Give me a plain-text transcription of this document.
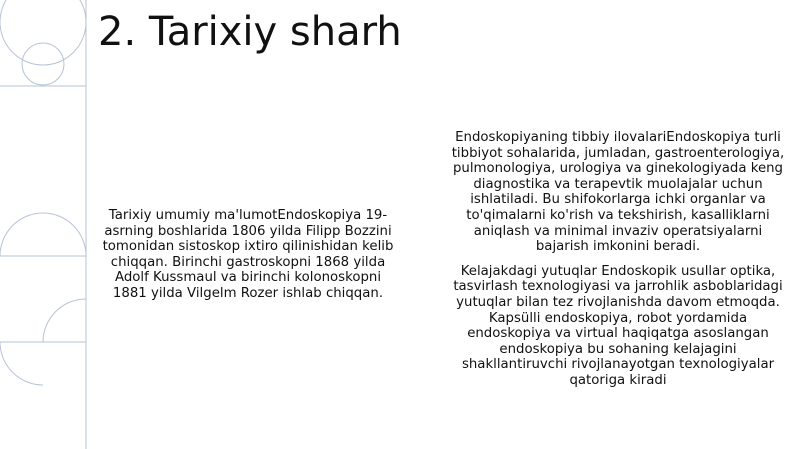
2. Tarixiy sharh

Tarixiy umumiy ma'lumotEndoskopiya 19-asrning boshlarida 1806 yilda Filipp Bozzini tomonidan sistoskop ixtiro qilinishidan kelib chiqqan. Birinchi gastroskopni 1868 yilda Adolf Kussmaul va birinchi kolonoskopni 1881 yilda Vilgelm Rozer ishlab chiqqan.

Endoskopiyaning tibbiy ilovalariEndoskopiya turli tibbiyot sohalarida, jumladan, gastroenterologiya, pulmonologiya, urologiya va ginekologiyada keng diagnostika va terapevtik muolajalar uchun ishlatiladi. Bu shifokorlarga ichki organlar va to'qimalarni ko'rish va tekshirish, kasalliklarni aniqlash va minimal invaziv operatsiyalarni bajarish imkonini beradi.

Kelajakdagi yutuqlar Endoskopik usullar optika, tasvirlash texnologiyasi va jarrohlik asboblaridagi yutuqlar bilan tez rivojlanishda davom etmoqda. Kapsülli endoskopiya, robot yordamida endoskopiya va virtual haqiqatga asoslangan endoskopiya bu sohaning kelajagini shakllantiruvchi rivojlanayotgan texnologiyalar qatoriga kiradi
